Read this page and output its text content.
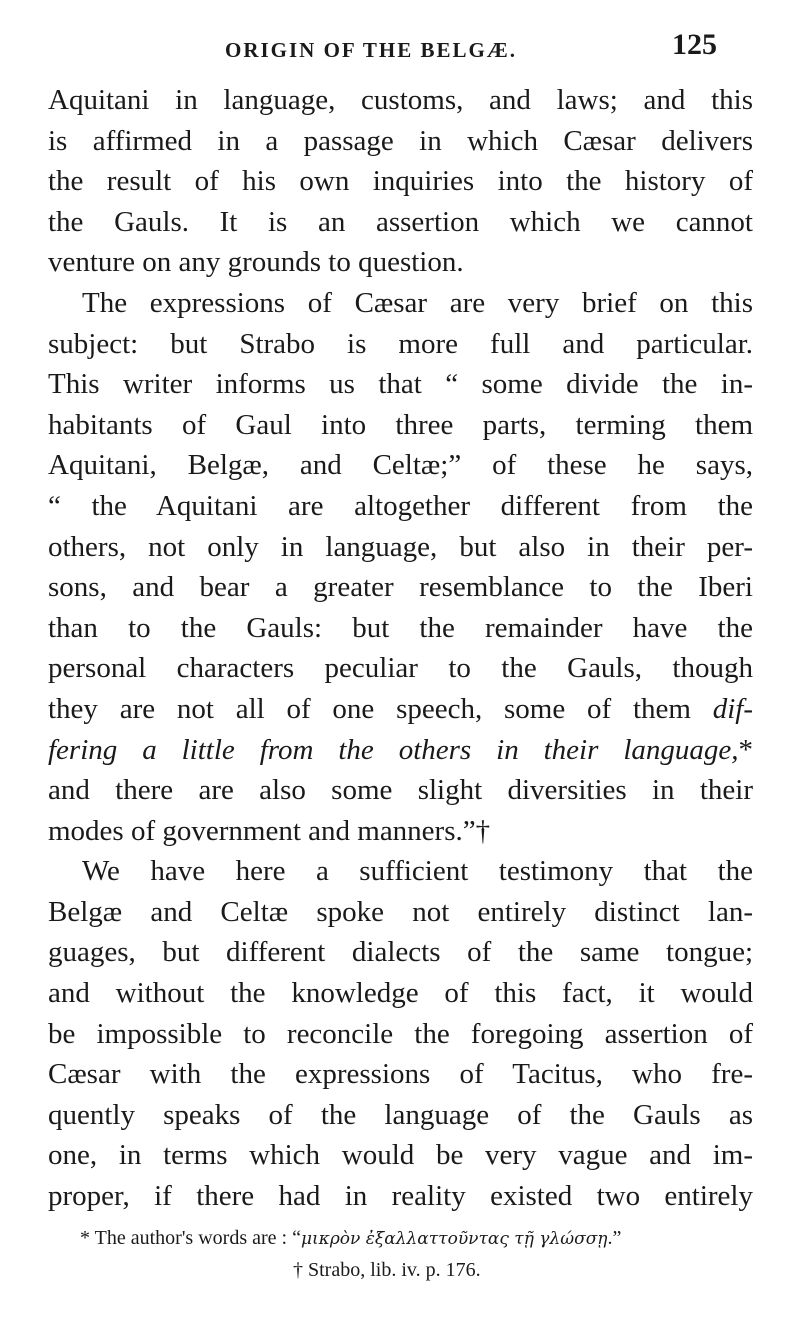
ORIGIN OF THE BELGÆ.	125
Aquitani in language, customs, and laws; and this
is affirmed in a passage in which Cæsar delivers
the result of his own inquiries into the history of
the Gauls. It is an assertion which we cannot
venture on any grounds to question.
The expressions of Cæsar are very brief on this
subject: but Strabo is more full and particular.
This writer informs us that “ some divide the in-
habitants of Gaul into three parts, terming them
Aquitani, Belgæ, and Celtæ;” of these he says,
“ the Aquitani are altogether different from the
others, not only in language, but also in their per-
sons, and bear a greater resemblance to the Iberi
than to the Gauls: but the remainder have the
personal characters peculiar to the Gauls, though
they are not all of one speech, some of them dif-
fering a little from the others in their language,*
and there are also some slight diversities in their
modes of government and manners.”†
We have here a sufficient testimony that the
Belgæ and Celtæ spoke not entirely distinct lan-
guages, but different dialects of the same tongue;
and without the knowledge of this fact, it would
be impossible to reconcile the foregoing assertion of
Cæsar with the expressions of Tacitus, who fre-
quently speaks of the language of the Gauls as
one, in terms which would be very vague and im-
proper, if there had in reality existed two entirely
* The author's words are : “μικρὸν ἐξαλλαττοῦντας τῇ γλώσσῃ.”
† Strabo, lib. iv. p. 176.
